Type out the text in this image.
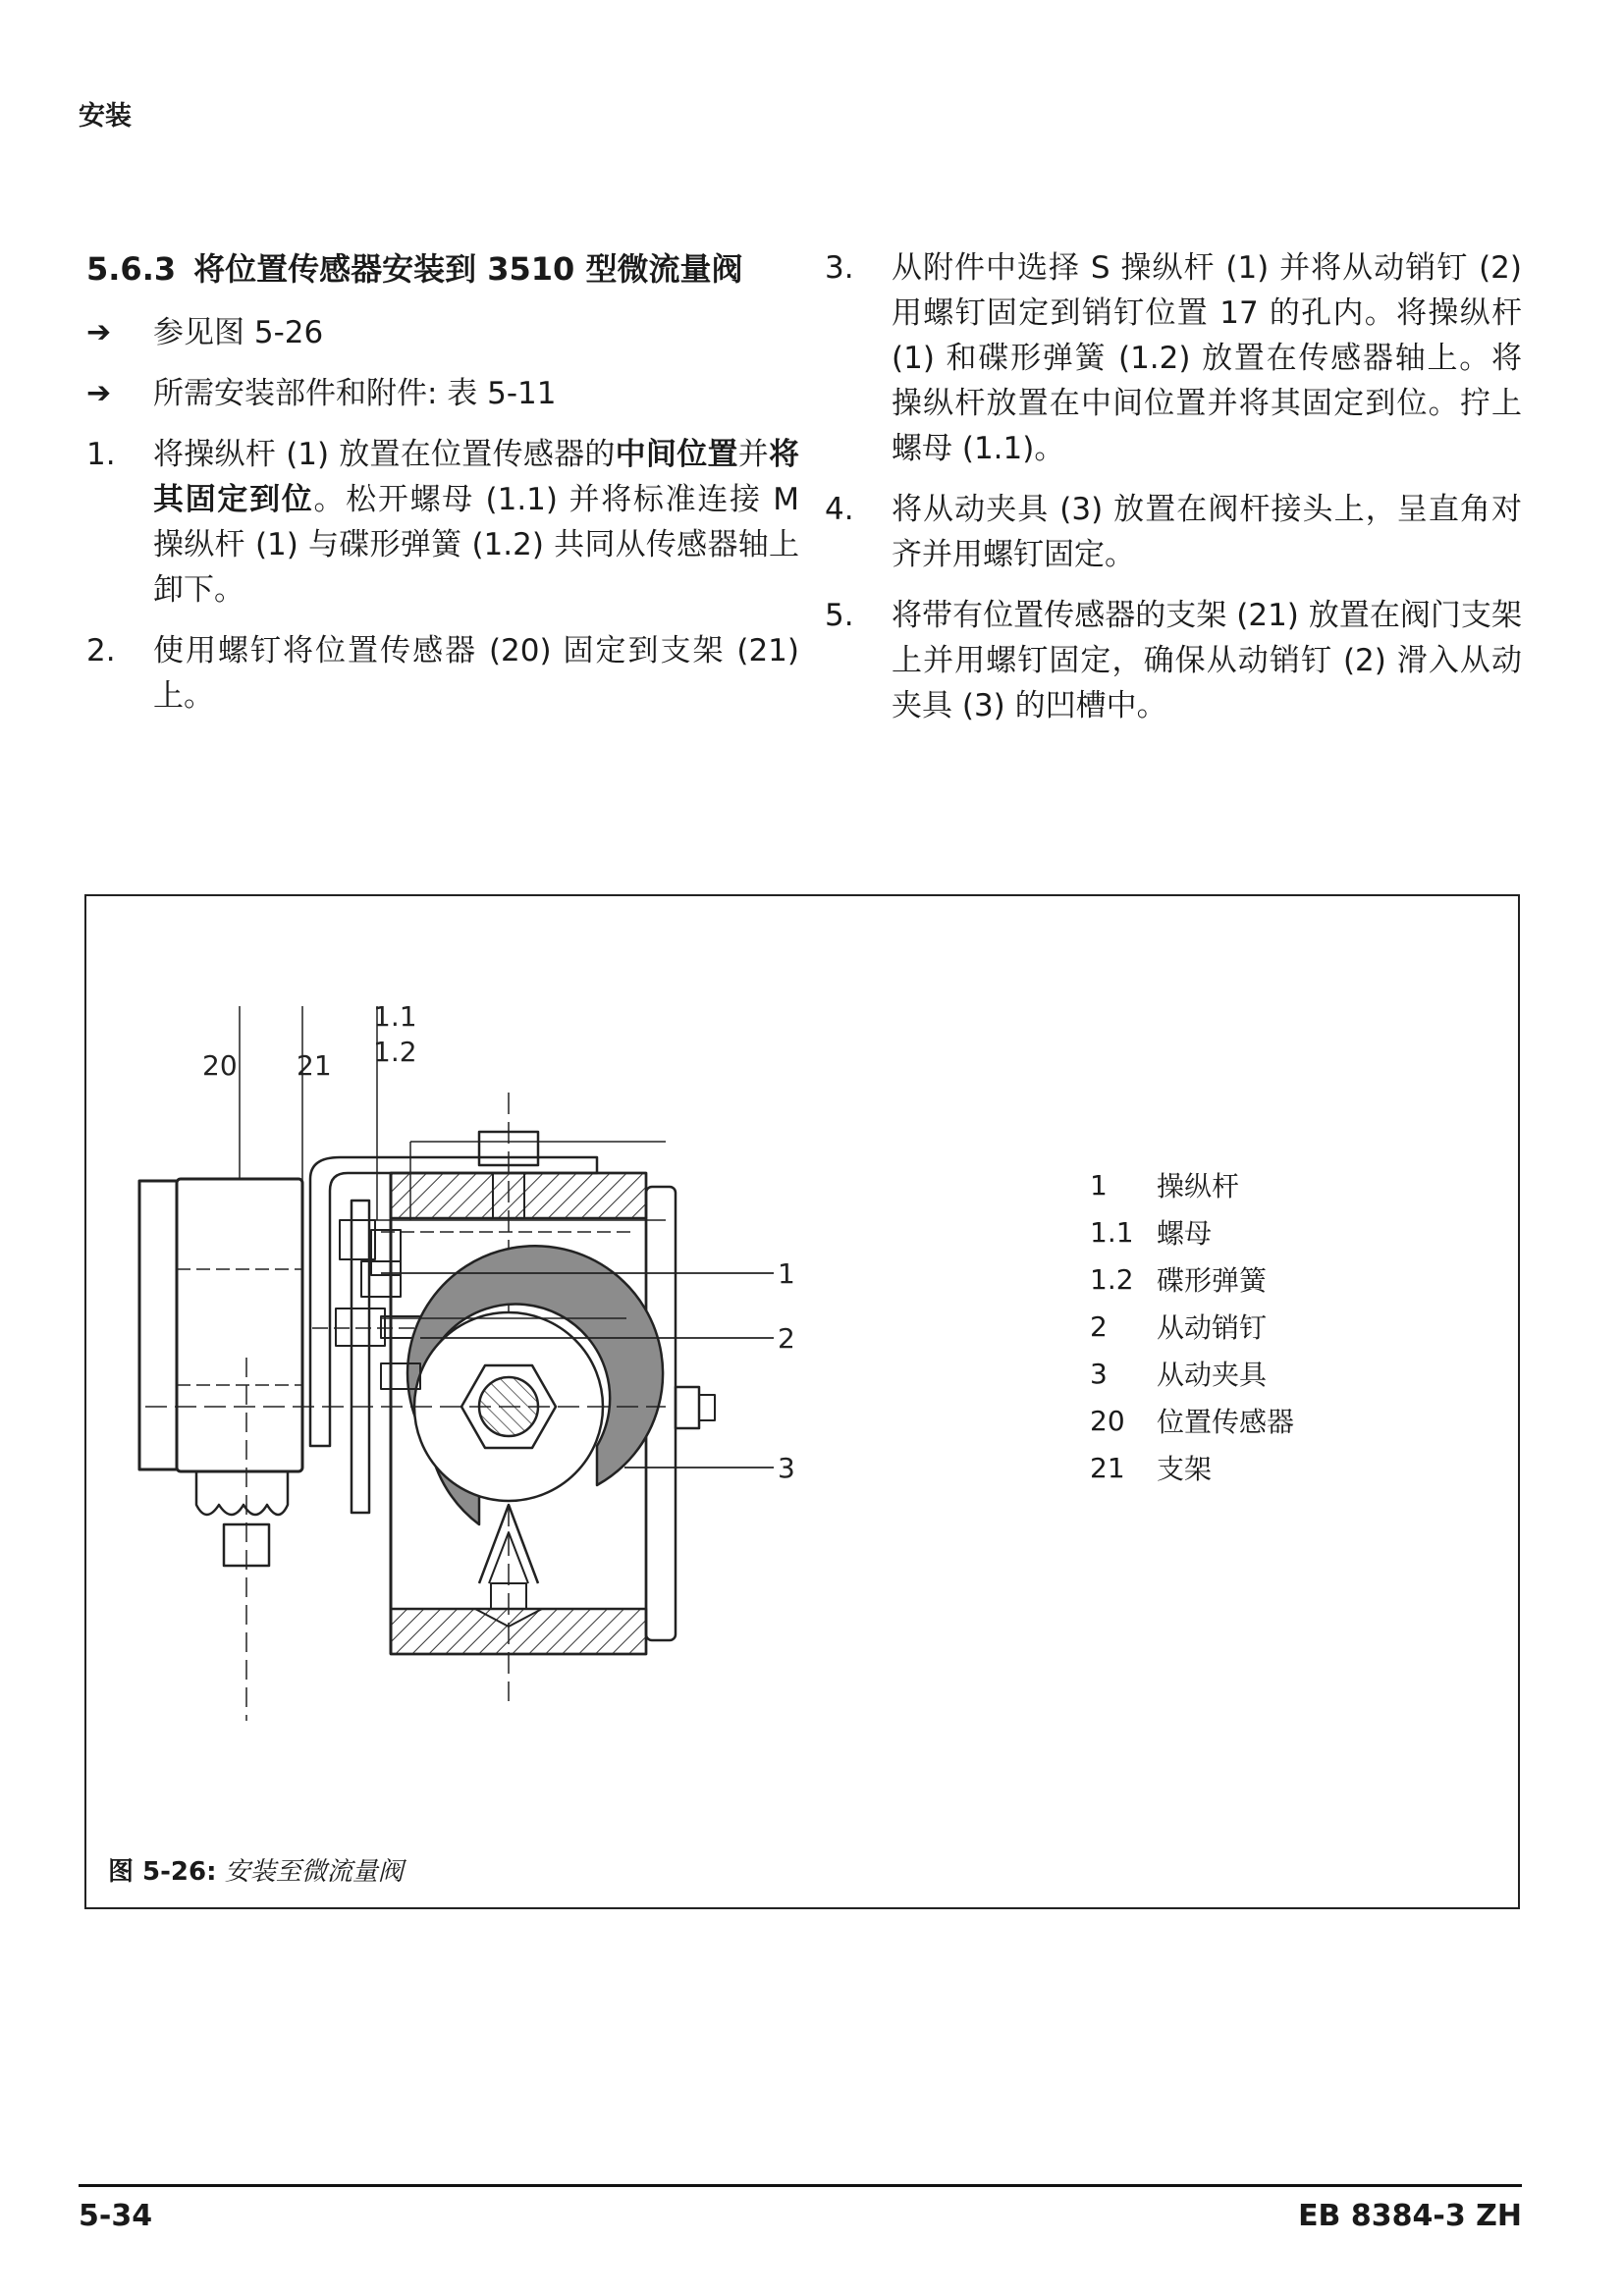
安装
5.6.3 将位置传感器安装到 3510 型微流量阀
➔	参见图 5-26
➔	所需安装部件和附件: 表 5-11
1.	将操纵杆 (1) 放置在位置传感器的中间位置并将其固定到位。松开螺母 (1.1) 并将标准连接 M 操纵杆 (1) 与碟形弹簧 (1.2) 共同从传感器轴上卸下。
2.	使用螺钉将位置传感器 (20) 固定到支架 (21) 上。
3.	从附件中选择 S 操纵杆 (1) 并将从动销钉 (2) 用螺钉固定到销钉位置 17 的孔内。将操纵杆 (1) 和碟形弹簧 (1.2) 放置在传感器轴上。将操纵杆放置在中间位置并将其固定到位。拧上螺母 (1.1)。
4.	将从动夹具 (3) 放置在阀杆接头上，呈直角对齐并用螺钉固定。
5.	将带有位置传感器的支架 (21) 放置在阀门支架上并用螺钉固定，确保从动销钉 (2) 滑入从动夹具 (3) 的凹槽中。
20 21
1.1
1.2
1
2
3
1	操纵杆
1.1 螺母
1.2 碟形弹簧
2	从动销钉
3	从动夹具
20	位置传感器
21	支架
图 5-26: 安装至微流量阀
5-34	EB 8384-3 ZH
